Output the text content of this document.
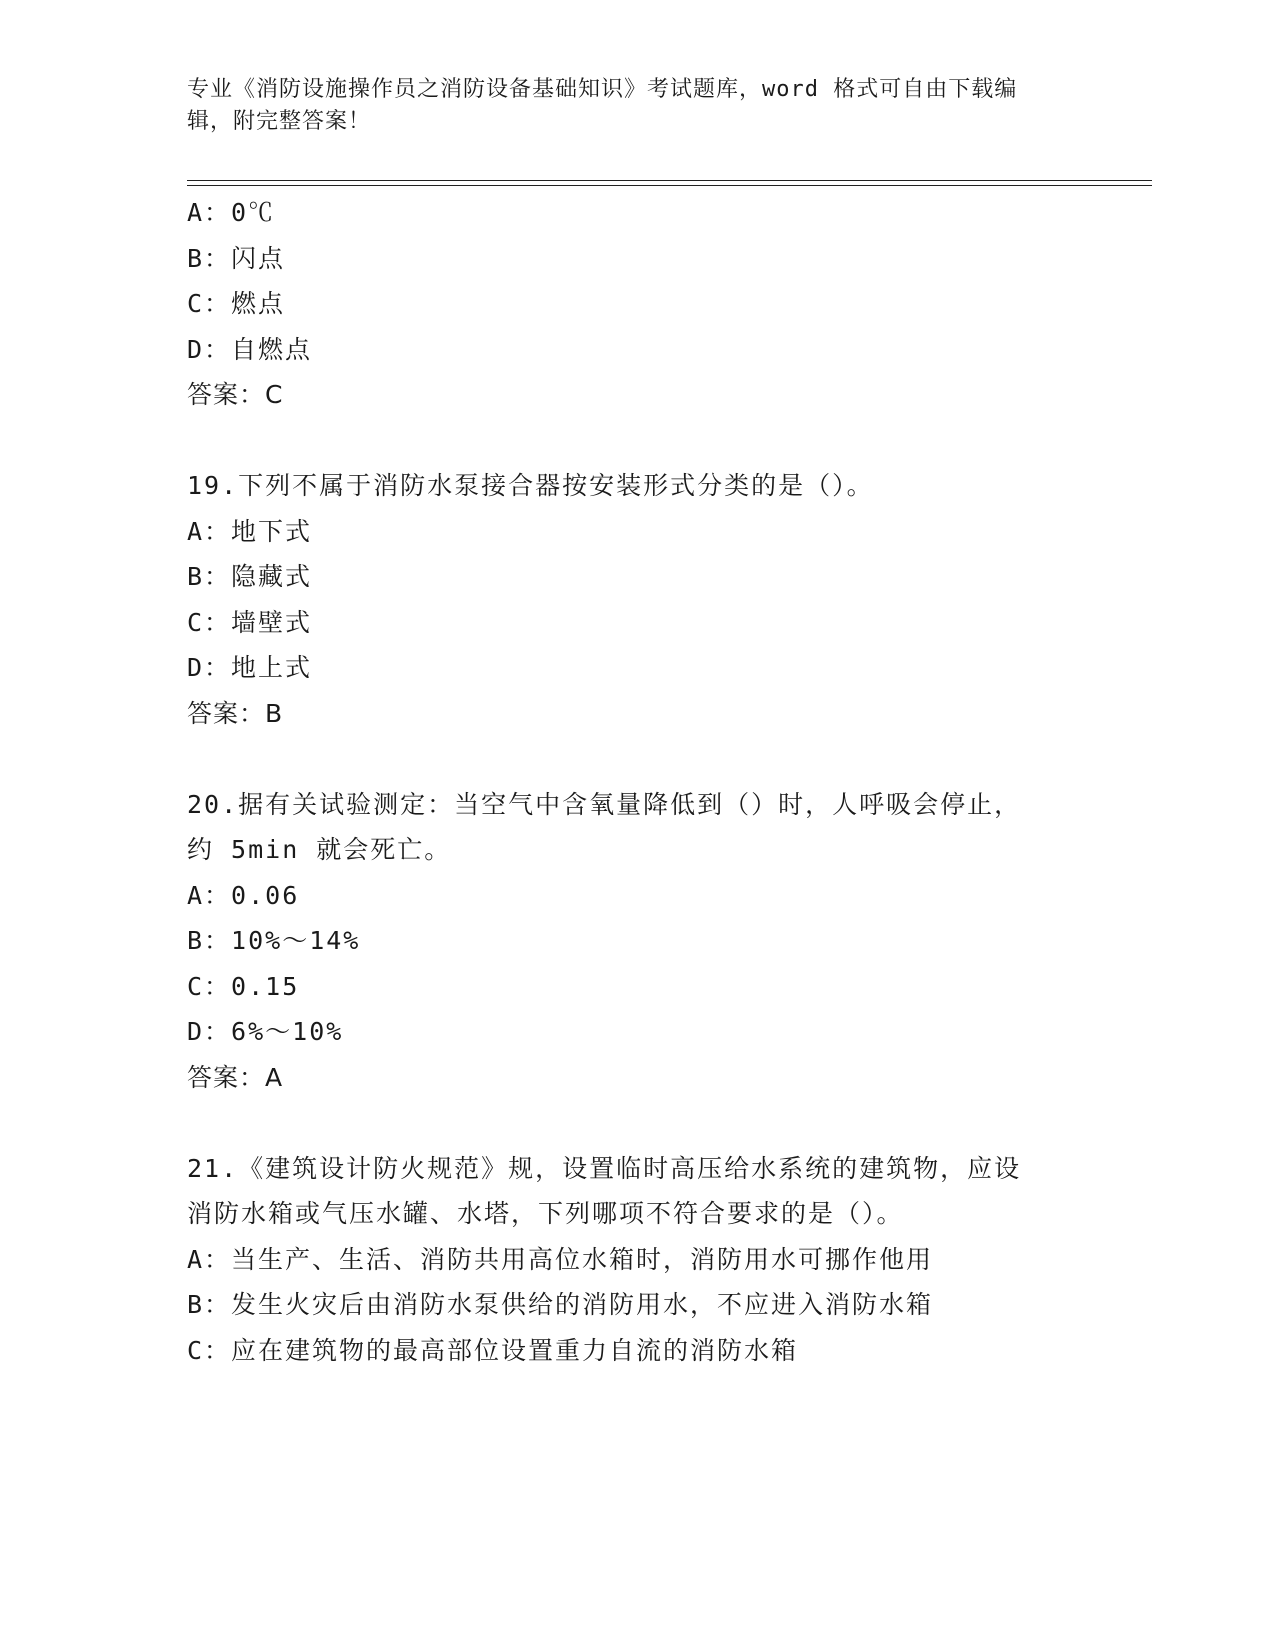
专业《消防设施操作员之消防设备基础知识》考试题库，word 格式可自由下载编
辑，附完整答案！
A：0℃
B：闪点
C：燃点
D：自燃点
答案：C
19.下列不属于消防水泵接合器按安装形式分类的是（）。
A：地下式
B：隐藏式
C：墙壁式
D：地上式
答案：B
20.据有关试验测定：当空气中含氧量降低到（）时，人呼吸会停止，
约 5min 就会死亡。
A：0.06
B：10%～14%
C：0.15
D：6%～10%
答案：A
21.《建筑设计防火规范》规，设置临时高压给水系统的建筑物，应设
消防水箱或气压水罐、水塔，下列哪项不符合要求的是（）。
A：当生产、生活、消防共用高位水箱时，消防用水可挪作他用
B：发生火灾后由消防水泵供给的消防用水，不应进入消防水箱
C：应在建筑物的最高部位设置重力自流的消防水箱
